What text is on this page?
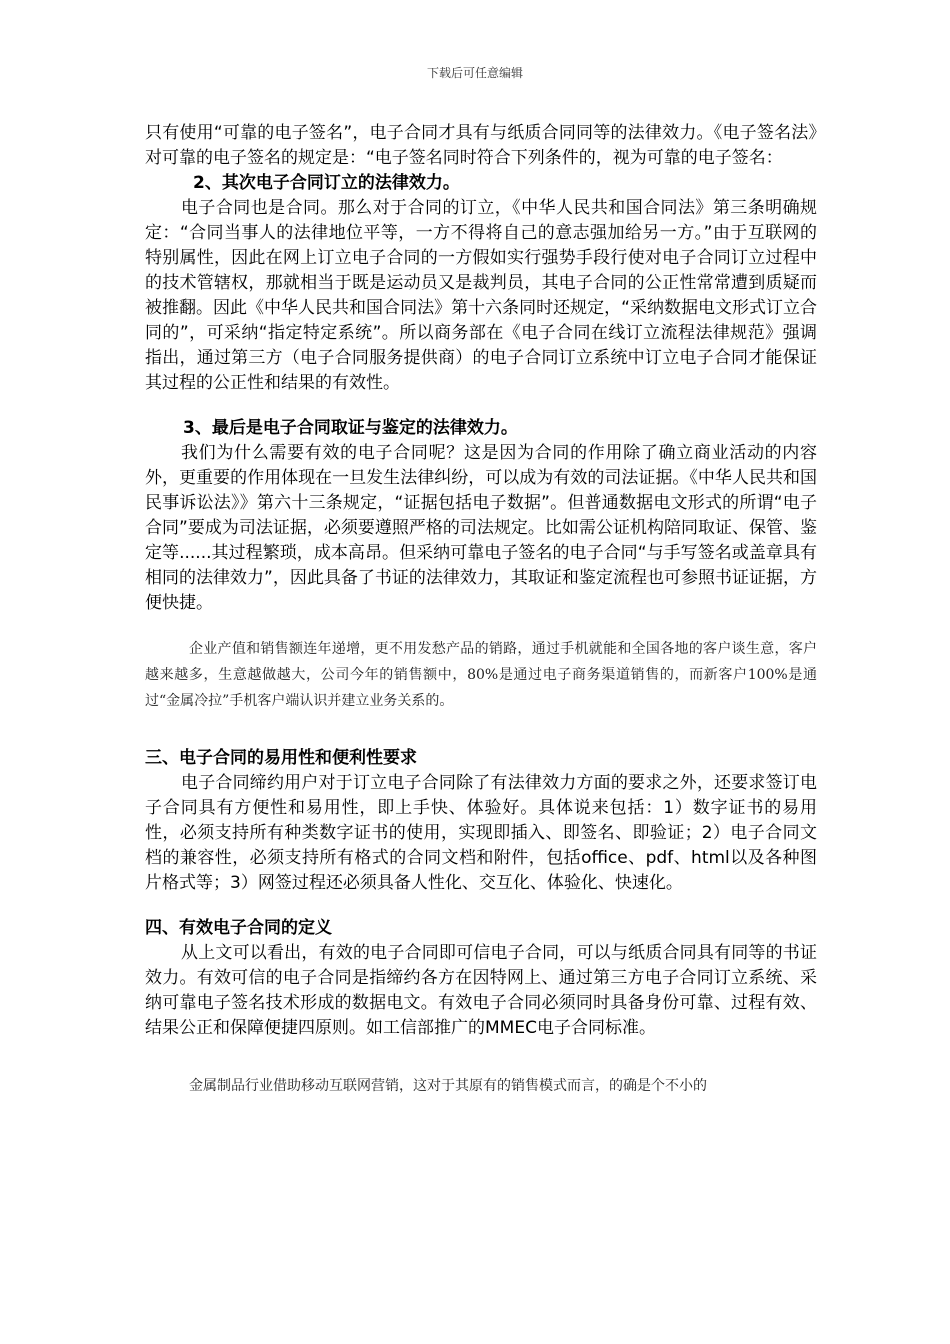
下载后可任意编辑

只有使用“可靠的电子签名”，电子合同才具有与纸质合同同等的法律效力。《电子签名法》对可靠的电子签名的规定是：“电子签名同时符合下列条件的，视为可靠的电子签名：

2、其次电子合同订立的法律效力。

电子合同也是合同。那么对于合同的订立，《中华人民共和国合同法》第三条明确规定：“合同当事人的法律地位平等，一方不得将自己的意志强加给另一方。”由于互联网的特别属性，因此在网上订立电子合同的一方假如实行强势手段行使对电子合同订立过程中的技术管辖权，那就相当于既是运动员又是裁判员，其电子合同的公正性常常遭到质疑而被推翻。因此《中华人民共和国合同法》第十六条同时还规定，“采纳数据电文形式订立合同的”，可采纳“指定特定系统”。所以商务部在《电子合同在线订立流程法律规范》强调指出，通过第三方（电子合同服务提供商）的电子合同订立系统中订立电子合同才能保证其过程的公正性和结果的有效性。

3、最后是电子合同取证与鉴定的法律效力。

我们为什么需要有效的电子合同呢？这是因为合同的作用除了确立商业活动的内容外，更重要的作用体现在一旦发生法律纠纷，可以成为有效的司法证据。《中华人民共和国民事诉讼法》》第六十三条规定，“证据包括电子数据”。但普通数据电文形式的所谓“电子合同”要成为司法证据，必须要遵照严格的司法规定。比如需公证机构陪同取证、保管、鉴定等......其过程繁琐，成本高昂。但采纳可靠电子签名的电子合同“与手写签名或盖章具有相同的法律效力”，因此具备了书证的法律效力，其取证和鉴定流程也可参照书证证据，方便快捷。

企业产值和销售额连年递增，更不用发愁产品的销路，通过手机就能和全国各地的客户谈生意，客户越来越多，生意越做越大，公司今年的销售额中，80%是通过电子商务渠道销售的，而新客户100%是通过“金属冷拉”手机客户端认识并建立业务关系的。

三、电子合同的易用性和便利性要求

电子合同缔约用户对于订立电子合同除了有法律效力方面的要求之外，还要求签订电子合同具有方便性和易用性，即上手快、体验好。具体说来包括：1）数字证书的易用性，必须支持所有种类数字证书的使用，实现即插入、即签名、即验证；2）电子合同文档的兼容性，必须支持所有格式的合同文档和附件，包括office、pdf、html以及各种图片格式等；3）网签过程还必须具备人性化、交互化、体验化、快速化。

四、有效电子合同的定义

从上文可以看出，有效的电子合同即可信电子合同，可以与纸质合同具有同等的书证效力。有效可信的电子合同是指缔约各方在因特网上、通过第三方电子合同订立系统、采纳可靠电子签名技术形成的数据电文。有效电子合同必须同时具备身份可靠、过程有效、结果公正和保障便捷四原则。如工信部推广的MMEC电子合同标准。

金属制品行业借助移动互联网营销，这对于其原有的销售模式而言，的确是个不小的
